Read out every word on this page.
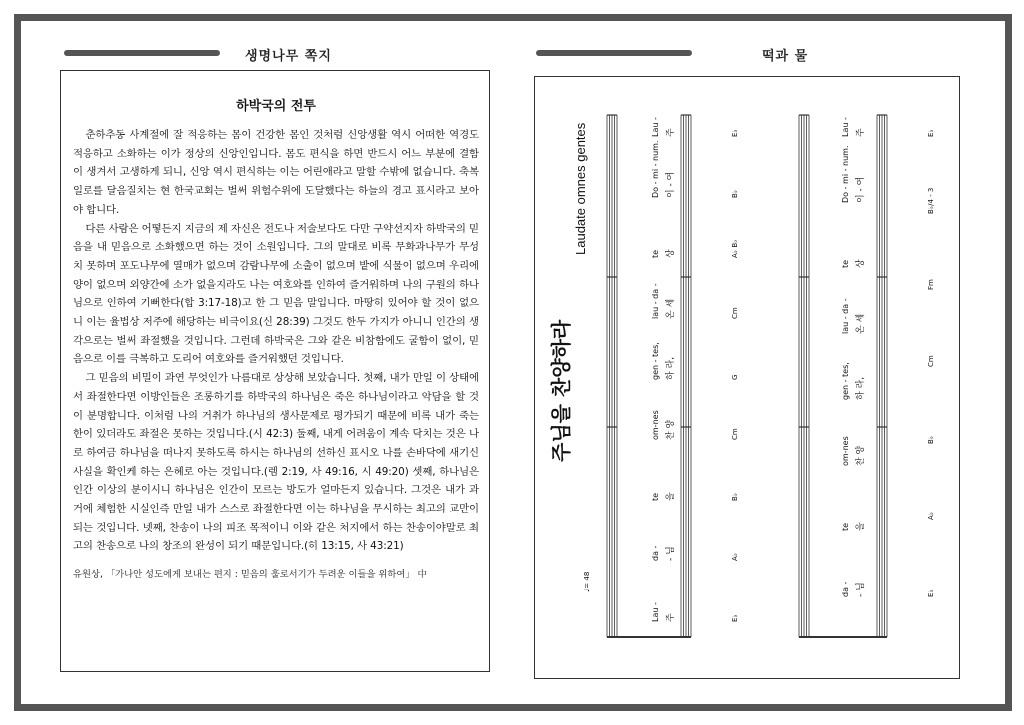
생명나무 쪽지	떡과 물
하박국의 전투

춘하추동 사계절에 잘 적응하는 몸이 건강한 몸인 것처럼 신앙생활 역시 어떠한 역경도 적응하고 소화하는 이가 정상의 신앙인입니다. 몸도 편식을 하면 반드시 어느 부분에 결함이 생겨서 고생하게 되니, 신앙 역시 편식하는 이는 어린애라고 말할 수밖에 없습니다. 축복일로를 달음질치는 현 한국교회는 벌써 위험수위에 도달했다는 하늘의 경고 표시라고 보아야 합니다.

다른 사람은 어떻든지 지금의 제 자신은 전도나 저술보다도 다만 구약선지자 하박국의 믿음을 내 믿음으로 소화했으면 하는 것이 소원입니다. 그의 말대로 비록 무화과나무가 무성치 못하며 포도나무에 열매가 없으며 감람나무에 소출이 없으며 밭에 식물이 없으며 우리에 양이 없으며 외양간에 소가 없을지라도 나는 여호와를 인하여 즐거워하며 나의 구원의 하나님으로 인하여 기뻐한다(합 3:17-18)고 한 그 믿음 말입니다. 마땅히 있어야 할 것이 없으니 이는 율법상 저주에 해당하는 비극이요(신 28:39) 그것도 한두 가지가 아니니 인간의 생각으로는 벌써 좌절했을 것입니다. 그런데 하박국은 그와 같은 비참함에도 굴함이 없이, 믿음으로 이를 극복하고 도리어 여호와를 즐거워했던 것입니다.

그 믿음의 비밀이 과연 무엇인가 나름대로 상상해 보았습니다. 첫째, 내가 만일 이 상태에서 좌절한다면 이방인들은 조롱하기를 하박국의 하나님은 죽은 하나님이라고 악담을 할 것이 분명합니다. 이처럼 나의 거취가 하나님의 생사문제로 평가되기 때문에 비록 내가 죽는 한이 있더라도 좌절은 못하는 것입니다.(시 42:3) 둘째, 내게 어려움이 계속 닥치는 것은 나로 하여금 하나님을 떠나지 못하도록 하시는 하나님의 선하신 표시오 나를 손바닥에 새기신 사실을 확인케 하는 은혜로 아는 것입니다.(렘 2:19, 사 49:16, 시 49:20) 셋째, 하나님은 인간 이상의 분이시니 하나님은 인간이 모르는 방도가 얼마든지 있습니다. 그것은 내가 과거에 체험한 시실인즉 만일 내가 스스로 좌절한다면 이는 하나님을 무시하는 최고의 교만이 되는 것입니다. 넷째, 찬송이 나의 피조 목적이니 이와 같은 처지에서 하는 찬송이야말로 최고의 찬송으로 나의 창조의 완성이 되기 때문입니다.(히 13:15, 사 43:21)

유원상, 「가나안 성도에게 보내는 편지 : 믿음의 훌로서기가 두려운 이들을 위하여」 中
주님을 찬양하라
Laudate omnes gentes
♩= 48
Lau -
da -
te
om-nes
gen - tes,
lau - da -
te
Do - mi - num.
Lau -
주
- 님
을
찬 양
하 라,
온 세
상
이 - 여
주
E♭
A♭
B♭
Cm
G
Cm
A♭ B♭
B♭
E♭
da -
te
om-nes
gen - tes,
lau - da -
te
Do - mi - num.
Lau -
- 님
을
찬 양
하 라,
온 세
상
이 - 여
주
E♭
A♭
B♭
Cm
Fm
B♭/4 - 3
E♭
